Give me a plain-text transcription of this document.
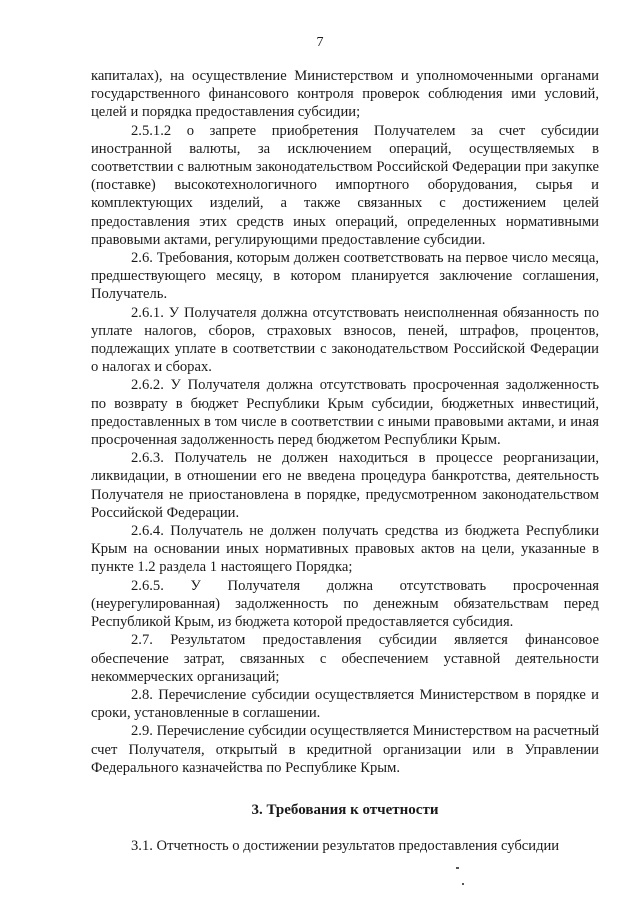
7

капиталах), на осуществление Министерством и уполномоченными органами государственного финансового контроля проверок соблюдения ими условий, целей и порядка предоставления субсидии;

2.5.1.2 о запрете приобретения Получателем за счет субсидии иностранной валюты, за исключением операций, осуществляемых в соответствии с валютным законодательством Российской Федерации при закупке (поставке) высокотехнологичного импортного оборудования, сырья и комплектующих изделий, а также связанных с достижением целей предоставления этих средств иных операций, определенных нормативными правовыми актами, регулирующими предоставление субсидии.

2.6. Требования, которым должен соответствовать на первое число месяца, предшествующего месяцу, в котором планируется заключение соглашения, Получатель.

2.6.1. У Получателя должна отсутствовать неисполненная обязанность по уплате налогов, сборов, страховых взносов, пеней, штрафов, процентов, подлежащих уплате в соответствии с законодательством Российской Федерации о налогах и сборах.

2.6.2. У Получателя должна отсутствовать просроченная задолженность по возврату в бюджет Республики Крым субсидии, бюджетных инвестиций, предоставленных в том числе в соответствии с иными правовыми актами, и иная просроченная задолженность перед бюджетом Республики Крым.

2.6.3. Получатель не должен находиться в процессе реорганизации, ликвидации, в отношении его не введена процедура банкротства, деятельность Получателя не приостановлена в порядке, предусмотренном законодательством Российской Федерации.

2.6.4. Получатель не должен получать средства из бюджета Республики Крым на основании иных нормативных правовых актов на цели, указанные в пункте 1.2 раздела 1 настоящего Порядка;

2.6.5. У Получателя должна отсутствовать просроченная (неурегулированная) задолженность по денежным обязательствам перед Республикой Крым, из бюджета которой предоставляется субсидия.

2.7. Результатом предоставления субсидии является финансовое обеспечение затрат, связанных с обеспечением уставной деятельности некоммерческих организаций;

2.8. Перечисление субсидии осуществляется Министерством в порядке и сроки, установленные в соглашении.

2.9. Перечисление субсидии осуществляется Министерством на расчетный счет Получателя, открытый в кредитной организации или в Управлении Федерального казначейства по Республике Крым.

3. Требования к отчетности

3.1. Отчетность о достижении результатов предоставления субсидии
